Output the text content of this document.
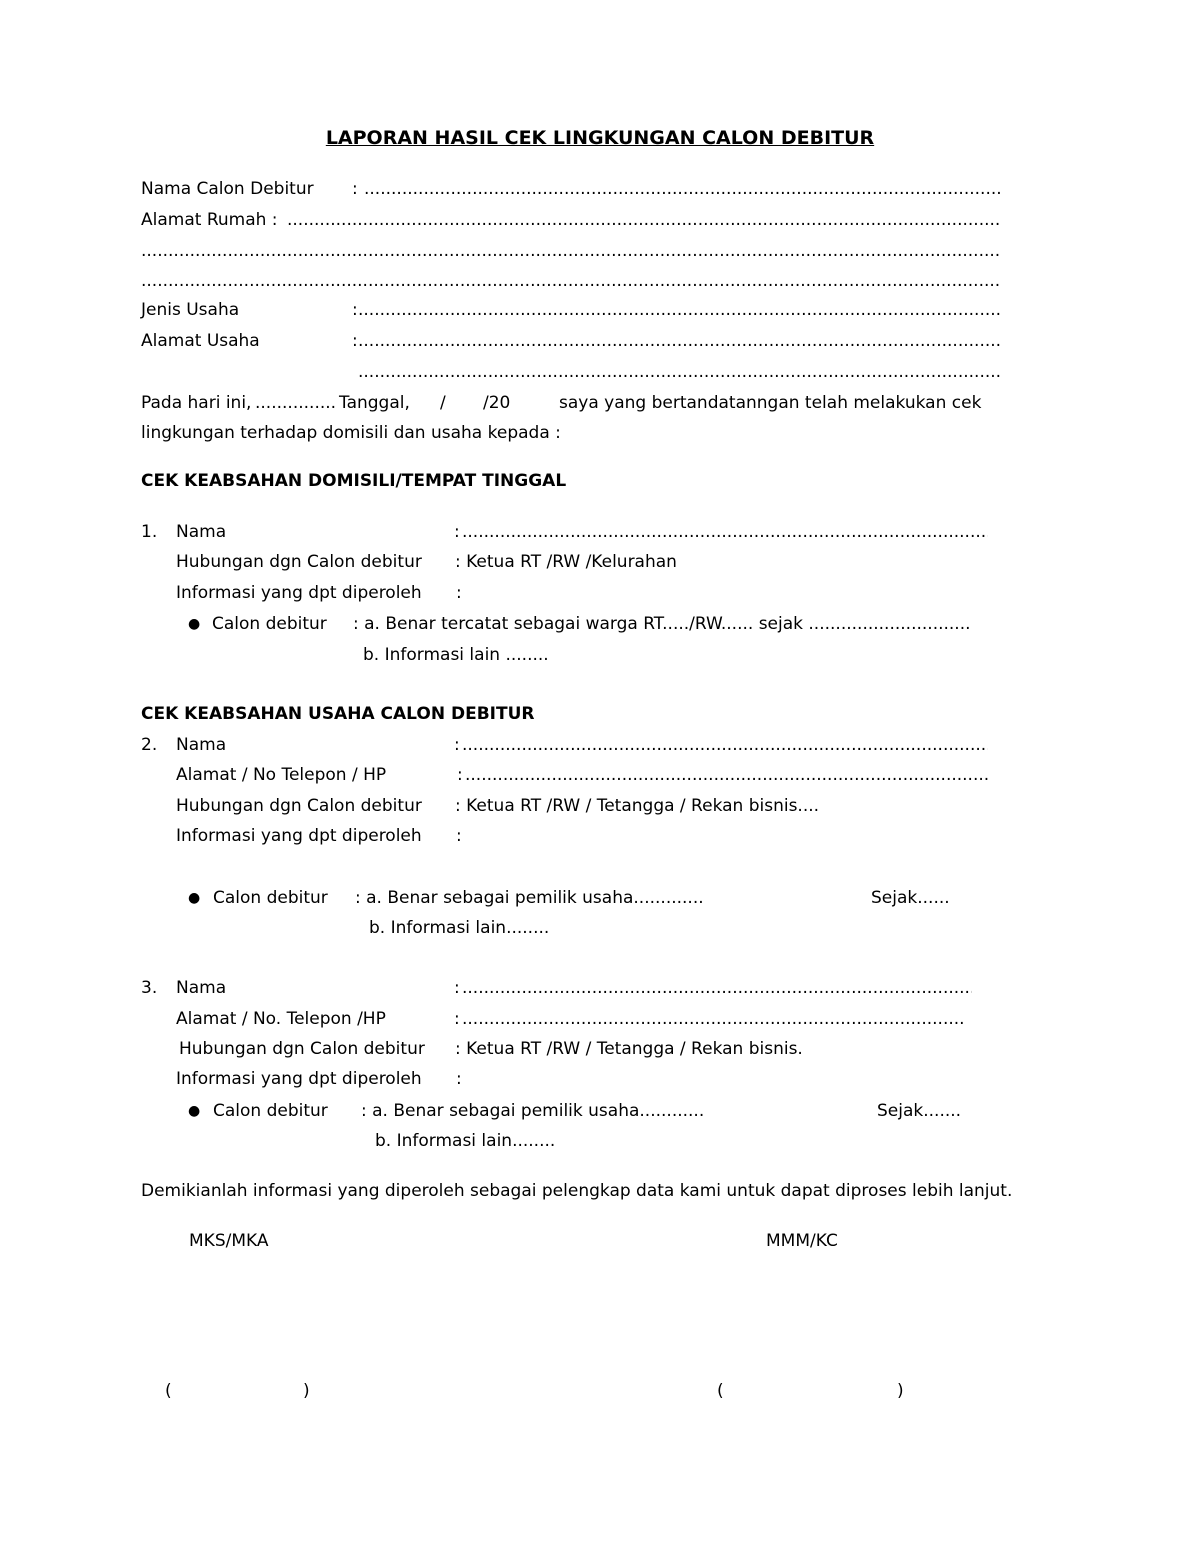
LAPORAN HASIL CEK LINGKUNGAN CALON DEBITUR
Nama Calon Debitur :
.....
Alamat Rumah :
.....
.....
.....
Jenis Usaha	:
.....
Alamat Usaha	:
.....
.....
Pada hari ini,
.....	Tanggal, / /20	saya yang bertandatanngan telah melakukan cek
lingkungan terhadap domisili dan usaha kepada :
CEK KEABSAHAN DOMISILI/TEMPAT TINGGAL
1. Nama	:
.....
Hubungan dgn Calon debitur : Ketua RT /RW /Kelurahan
Informasi yang dpt diperoleh :
● Calon debitur : a. Benar tercatat sebagai warga RT...../RW...... sejak ..............................
b. Informasi lain ........
CEK KEABSAHAN USAHA CALON DEBITUR
2. Nama	:
.....
Alamat / No Telepon / HP	:
.....
Hubungan dgn Calon debitur : Ketua RT /RW / Tetangga / Rekan bisnis....
Informasi yang dpt diperoleh :
● Calon debitur : a. Benar sebagai pemilik usaha.............	Sejak......
b. Informasi lain........
3. Nama	:
.....
Alamat / No. Telepon /HP	:
.....
Hubungan dgn Calon debitur : Ketua RT /RW / Tetangga / Rekan bisnis.
Informasi yang dpt diperoleh :
● Calon debitur : a. Benar sebagai pemilik usaha............	Sejak.......
b. Informasi lain........
Demikianlah informasi yang diperoleh sebagai pelengkap data kami untuk dapat diproses lebih lanjut.
MKS/MKA	MMM/KC
(	)	(	)
